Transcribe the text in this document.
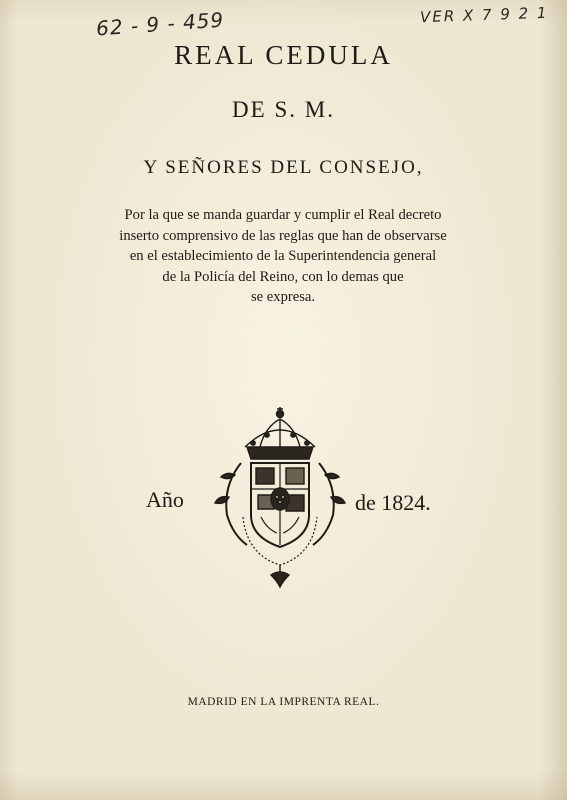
62 - 9 - 459	VER X 7 9 2 1
REAL CEDULA
DE S. M.
Y SEÑORES DEL CONSEJO,
Por la que se manda guardar y cumplir el Real decreto
inserto comprensivo de las reglas que han de observarse
en el establecimiento de la Superintendencia general
de la Policía del Reino, con lo demas que
se expresa.
Año	de 1824.
MADRID EN LA IMPRENTA REAL.
